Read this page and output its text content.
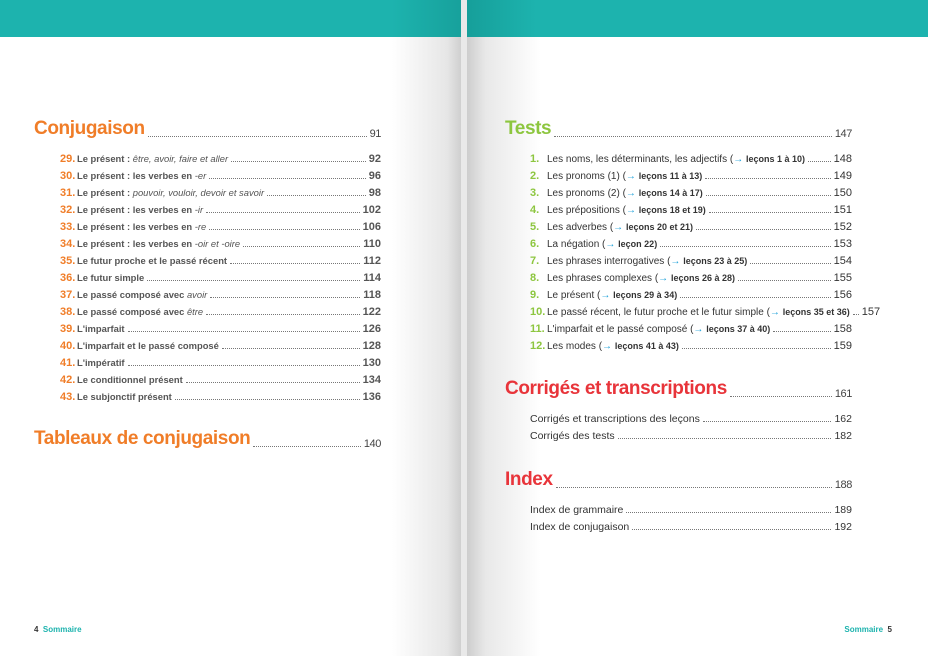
Conjugaison	91
29. Le présent : être, avoir, faire et aller	92
30. Le présent : les verbes en -er	96
31. Le présent : pouvoir, vouloir, devoir et savoir	98
32. Le présent : les verbes en -ir	102
33. Le présent : les verbes en -re	106
34. Le présent : les verbes en -oir et -oire	110
35. Le futur proche et le passé récent	112
36. Le futur simple	114
37. Le passé composé avec avoir	118
38. Le passé composé avec être	122
39. L'imparfait	126
40. L'imparfait et le passé composé	128
41. L'impératif	130
42. Le conditionnel présent	134
43. Le subjonctif présent	136
Tableaux de conjugaison	140
4 Sommaire
Tests	147
1. Les noms, les déterminants, les adjectifs (→ leçons 1 à 10)	148
2. Les pronoms (1) (→ leçons 11 à 13)	149
3. Les pronoms (2) (→ leçons 14 à 17)	150
4. Les prépositions (→ leçons 18 et 19)	151
5. Les adverbes (→ leçons 20 et 21)	152
6. La négation (→ leçon 22)	153
7. Les phrases interrogatives (→ leçons 23 à 25)	154
8. Les phrases complexes (→ leçons 26 à 28)	155
9. Le présent (→ leçons 29 à 34)	156
10. Le passé récent, le futur proche et le futur simple (→ leçons 35 et 36) 157
11. L'imparfait et le passé composé (→ leçons 37 à 40)	158
12. Les modes (→ leçons 41 à 43)	159
Corrigés et transcriptions	161
Corrigés et transcriptions des leçons	162
Corrigés des tests	182
Index	188
Index de grammaire	189
Index de conjugaison	192
Sommaire 5
